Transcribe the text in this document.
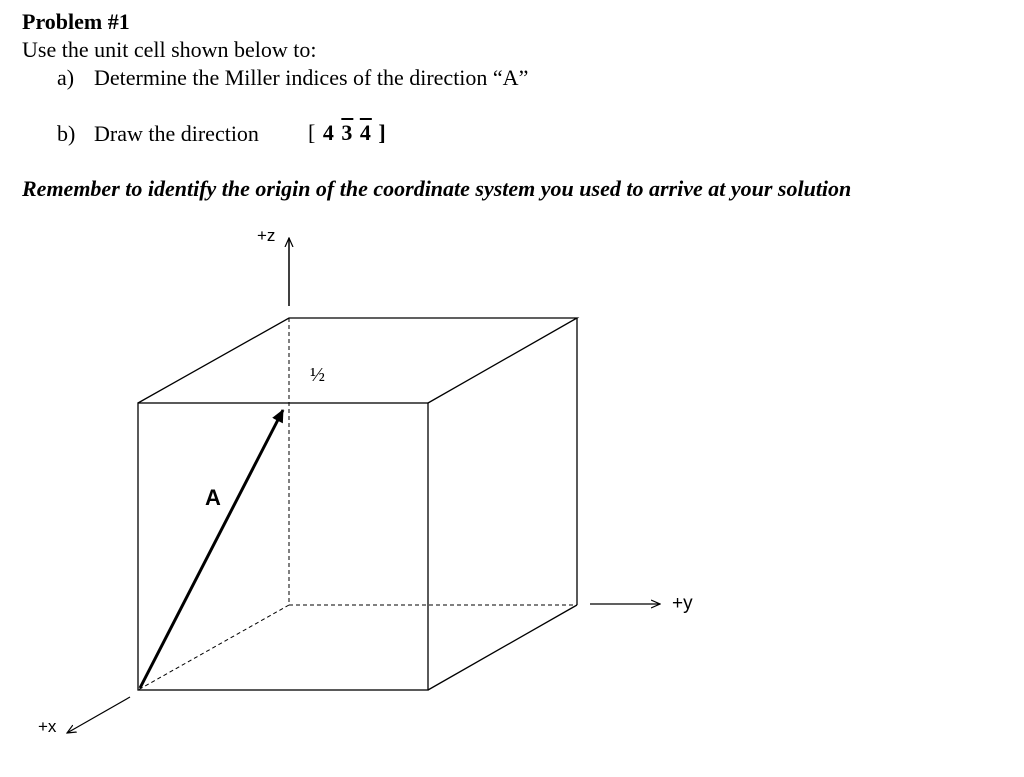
Problem #1
Use the unit cell shown below to:
a) Determine the Miller indices of the direction “A”
b) Draw the direction [ 4 3 4 ]
Remember to identify the origin of the coordinate system you used to arrive at your solution
+z
+y
+x
½
A
